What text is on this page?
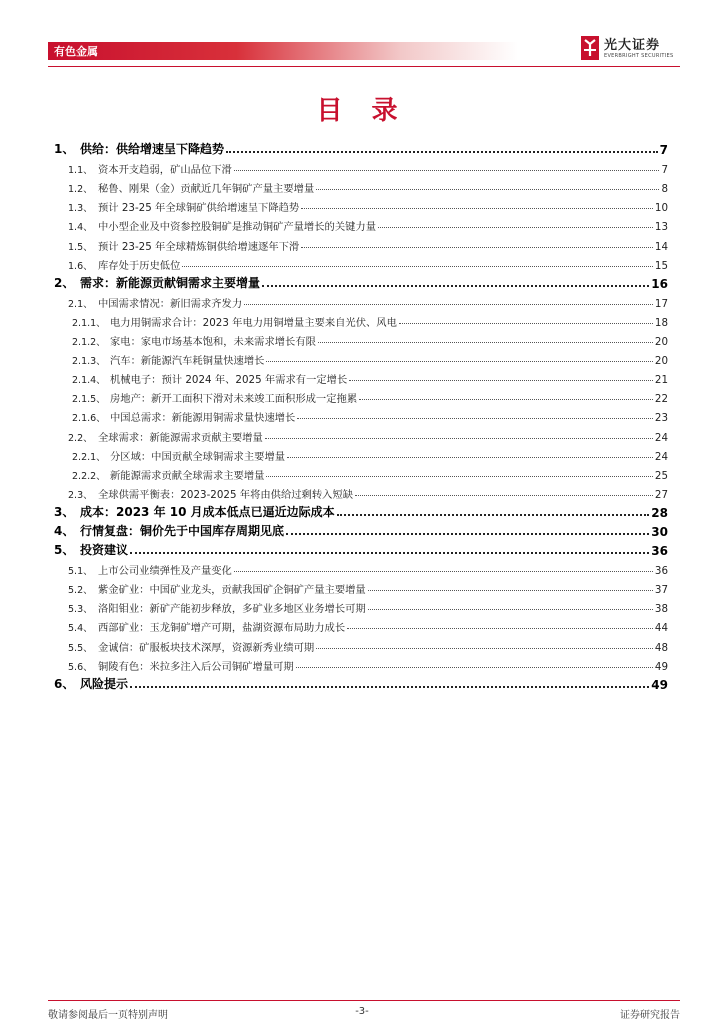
有色金属	光大证券
EVERBRIGHT SECURITIES
目 录
1、 供给：供给增速呈下降趋势	7
1.1、 资本开支趋弱，矿山品位下滑	7
1.2、 秘鲁、刚果（金）贡献近几年铜矿产量主要增量	8
1.3、 预计 23-25 年全球铜矿供给增速呈下降趋势	10
1.4、 中小型企业及中资参控股铜矿是推动铜矿产量增长的关键力量	13
1.5、 预计 23-25 年全球精炼铜供给增速逐年下滑	14
1.6、 库存处于历史低位	15
2、 需求：新能源贡献铜需求主要增量	16
2.1、 中国需求情况：新旧需求齐发力	17
2.1.1、 电力用铜需求合计：2023 年电力用铜增量主要来自光伏、风电	18
2.1.2、 家电：家电市场基本饱和，未来需求增长有限	20
2.1.3、 汽车：新能源汽车耗铜量快速增长	20
2.1.4、 机械电子：预计 2024 年、2025 年需求有一定增长	21
2.1.5、 房地产：新开工面积下滑对未来竣工面积形成一定拖累	22
2.1.6、 中国总需求：新能源用铜需求量快速增长	23
2.2、 全球需求：新能源需求贡献主要增量	24
2.2.1、 分区域：中国贡献全球铜需求主要增量	24
2.2.2、 新能源需求贡献全球需求主要增量	25
2.3、 全球供需平衡表：2023-2025 年将由供给过剩转入短缺	27
3、 成本：2023 年 10 月成本低点已逼近边际成本	28
4、 行情复盘：铜价先于中国库存周期见底	30
5、 投资建议	36
5.1、 上市公司业绩弹性及产量变化	36
5.2、 紫金矿业：中国矿业龙头，贡献我国矿企铜矿产量主要增量	37
5.3、 洛阳钼业：新矿产能初步释放，多矿业多地区业务增长可期	38
5.4、 西部矿业：玉龙铜矿增产可期，盐湖资源布局助力成长	44
5.5、 金诚信：矿服板块技术深厚，资源新秀业绩可期	48
5.6、 铜陵有色：米拉多注入后公司铜矿增量可期	49
6、 风险提示	49
敬请参阅最后一页特别声明	-3-	证券研究报告
